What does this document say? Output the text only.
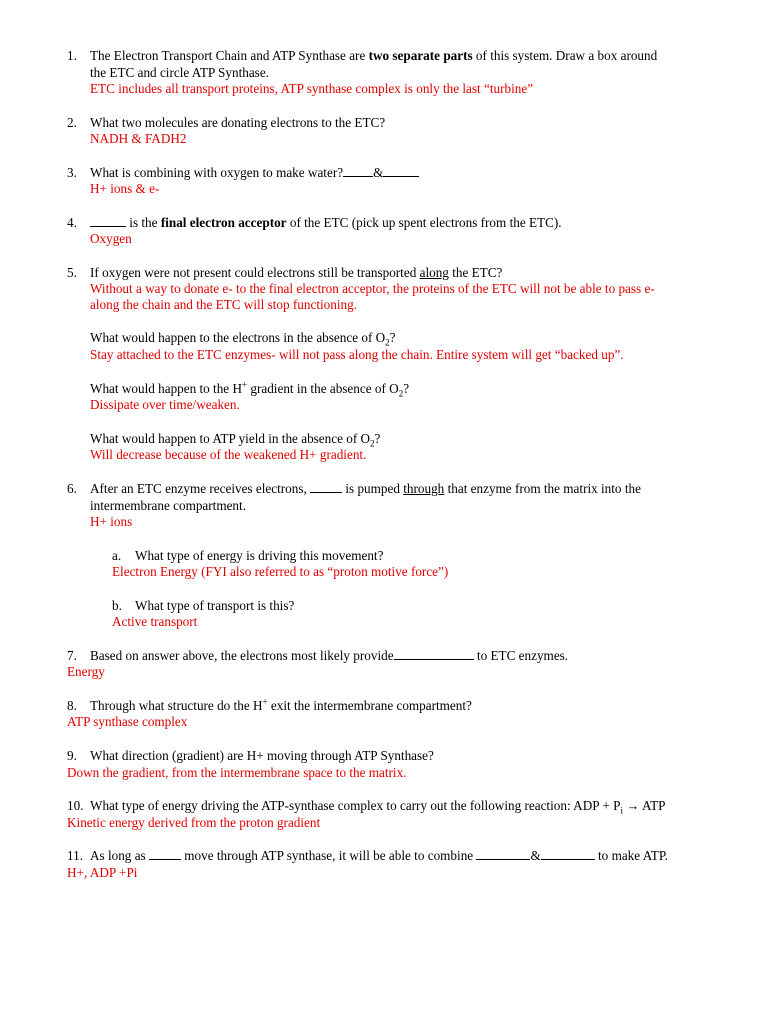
1. The Electron Transport Chain and ATP Synthase are two separate parts of this system. Draw a box around
the ETC and circle ATP Synthase.
ETC includes all transport proteins, ATP synthase complex is only the last “turbine”
2. What two molecules are donating electrons to the ETC?
NADH & FADH2
3. What is combining with oxygen to make water? &
H+ ions & e-
4.	is the final electron acceptor of the ETC (pick up spent electrons from the ETC).
Oxygen
5. If oxygen were not present could electrons still be transported along the ETC?
Without a way to donate e- to the final electron acceptor, the proteins of the ETC will not be able to pass e-
along the chain and the ETC will stop functioning.
What would happen to the electrons in the absence of $O_2$?
Stay attached to the ETC enzymes- will not pass along the chain. Entire system will get “backed up”.
What would happen to the H+ gradient in the absence of $O_2$?
Dissipate over time/weaken.
What would happen to ATP yield in the absence of $O_2$?
Will decrease because of the weakened H+ gradient.
6. After an ETC enzyme receives electrons,  is pumped through that enzyme from the matrix into the
intermembrane compartment.
H+ ions
a. What type of energy is driving this movement?
Electron Energy (FYI also referred to as “proton motive force”)
b. What type of transport is this?
Active transport
7. Based on answer above, the electrons most likely provide	to ETC enzymes.
Energy
8. Through what structure do the H+ exit the intermembrane compartment?
ATP synthase complex
9. What direction (gradient) are H+ moving through ATP Synthase?
Down the gradient, from the intermembrane space to the matrix.
10. What type of energy driving the ATP-synthase complex to carry out the following reaction: ADP + $P_i$ → ATP
Kinetic energy derived from the proton gradient
11. As long as  move through ATP synthase, it will be able to combine	&	to make ATP.
H+, ADP +Pi
